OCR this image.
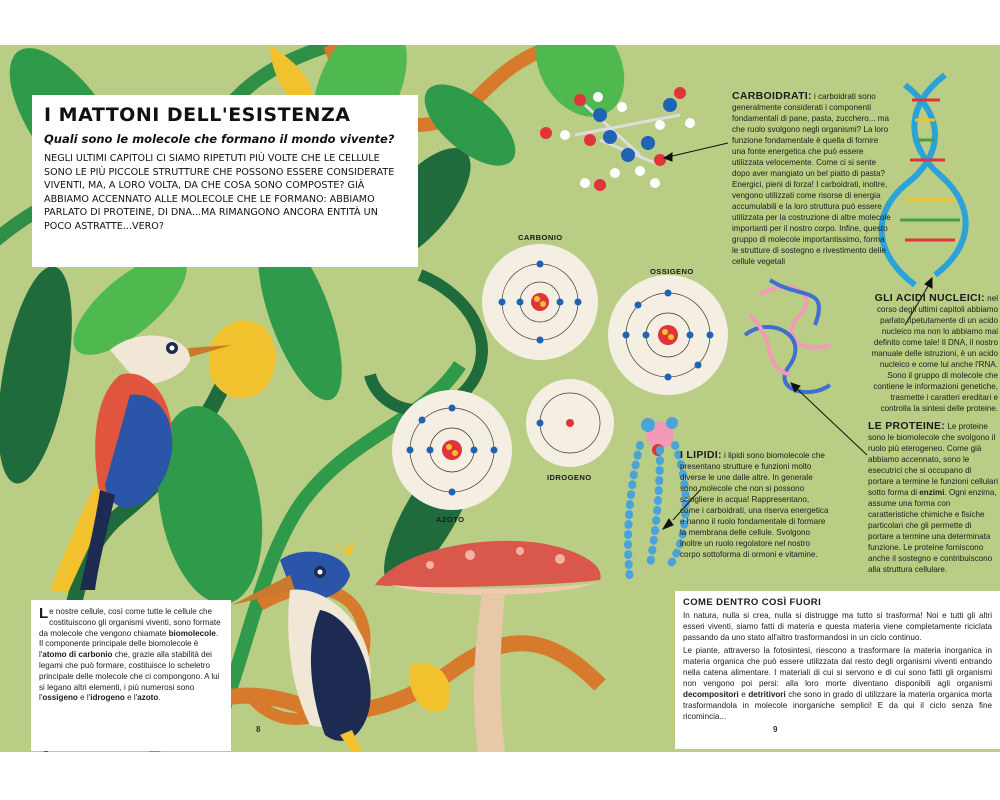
I MATTONI DELL'ESISTENZA
Quali sono le molecole che formano il mondo vivente?

NEGLI ULTIMI CAPITOLI CI SIAMO RIPETUTI PIÙ VOLTE CHE LE CELLULE SONO LE PIÙ PICCOLE STRUTTURE CHE POSSONO ESSERE CONSIDERATE VIVENTI, MA, A LORO VOLTA, DA CHE COSA SONO COMPOSTE? GIÀ ABBIAMO ACCENNATO ALLE MOLECOLE CHE LE FORMANO: ABBIAMO PARLATO DI PROTEINE, DI DNA...MA RIMANGONO ANCORA ENTITÀ UN POCO ASTRATTE...VERO?

CARBONIO
OSSIGENO
AZOTO
IDROGENO
CARBOIDRATI: i carboidrati sono generalmente considerati i componenti fondamentali di pane, pasta, zucchero... ma che ruolo svolgono negli organismi? La loro funzione fondamentale è quella di fornire una fonte energetica che può essere utilizzata velocemente. Come ci si sente dopo aver mangiato un bel piatto di pasta? Energici, pieni di forza! I carboidrati, inoltre, vengono utilizzati come risorse di energia accumulabili e la loro struttura può essere utilizzata per la costruzione di altre molecole importanti per il nostro corpo. Infine, questo gruppo di molecole importantissimo, forma le strutture di sostegno e rivestimento delle cellule vegetali
GLI ACIDI NUCLEICI: nel corso degli ultimi capitoli abbiamo parlato ripetutamente di un acido nucleico ma non lo abbiamo mai definito come tale! Il DNA, il nostro manuale delle istruzioni, è un acido nucleico e come lui anche l'RNA. Sono il gruppo di molecole che contiene le informazioni genetiche, trasmette i caratteri ereditari e controlla la sintesi delle proteine.
LE PROTEINE: Le proteine sono le biomolecole che svolgono il ruolo più eterogeneo. Come già abbiamo accennato, sono le esecutrici che si occupano di portare a termine le funzioni cellulari sotto forma di enzimi. Ogni enzima, assume una forma con caratteristiche chimiche e fisiche particolari che gli permette di portare a termine una determinata funzione. Le proteine forniscono anche il sostegno e contribuiscono alla struttura cellulare.
I LIPIDI: i lipidi sono biomolecole che presentano strutture e funzioni molto diverse le une dalle altre. In generale sono molecole che non si possono sciogliere in acqua! Rappresentano, come i carboidrati, una riserva energetica e hanno il ruolo fondamentale di formare la membrana delle cellule. Svolgono inoltre un ruolo regolatore nel nostro corpo sottoforma di ormoni e vitamine.
Le nostre cellule, così come tutte le cellule che costituiscono gli organismi viventi, sono formate da molecole che vengono chiamate biomolecole. Il componente principale delle biomolecole è l'atomo di carbonio che, grazie alla stabilità dei legami che può formare, costituisce lo scheletro principale delle molecole che ci compongono. A lui si legano altri elementi, i più numerosi sono l'ossigeno e l'idrogeno e l'azoto.
COME DENTRO COSÌ FUORI

In natura, nulla si crea, nulla si distrugge ma tutto si trasforma! Noi e tutti gli altri esseri viventi, siamo fatti di materia e questa materia viene completamente riciclata passando da uno stato all'altro trasformandosi in un ciclo continuo.

Le piante, attraverso la fotosintesi, riescono a trasformare la materia inorganica in materia organica che può essere utilizzata dal resto degli organismi viventi entrando nella catena alimentare. I materiali di cui si servono e di cui sono fatti gli organismi non vengono poi persi: alla loro morte diventano disponibili agli organismi decompositori e detritivori che sono in grado di utilizzare la materia organica morta trasformandola in molecole inorganiche semplici! E da qui il ciclo senza fine ricomincia...

8	9
